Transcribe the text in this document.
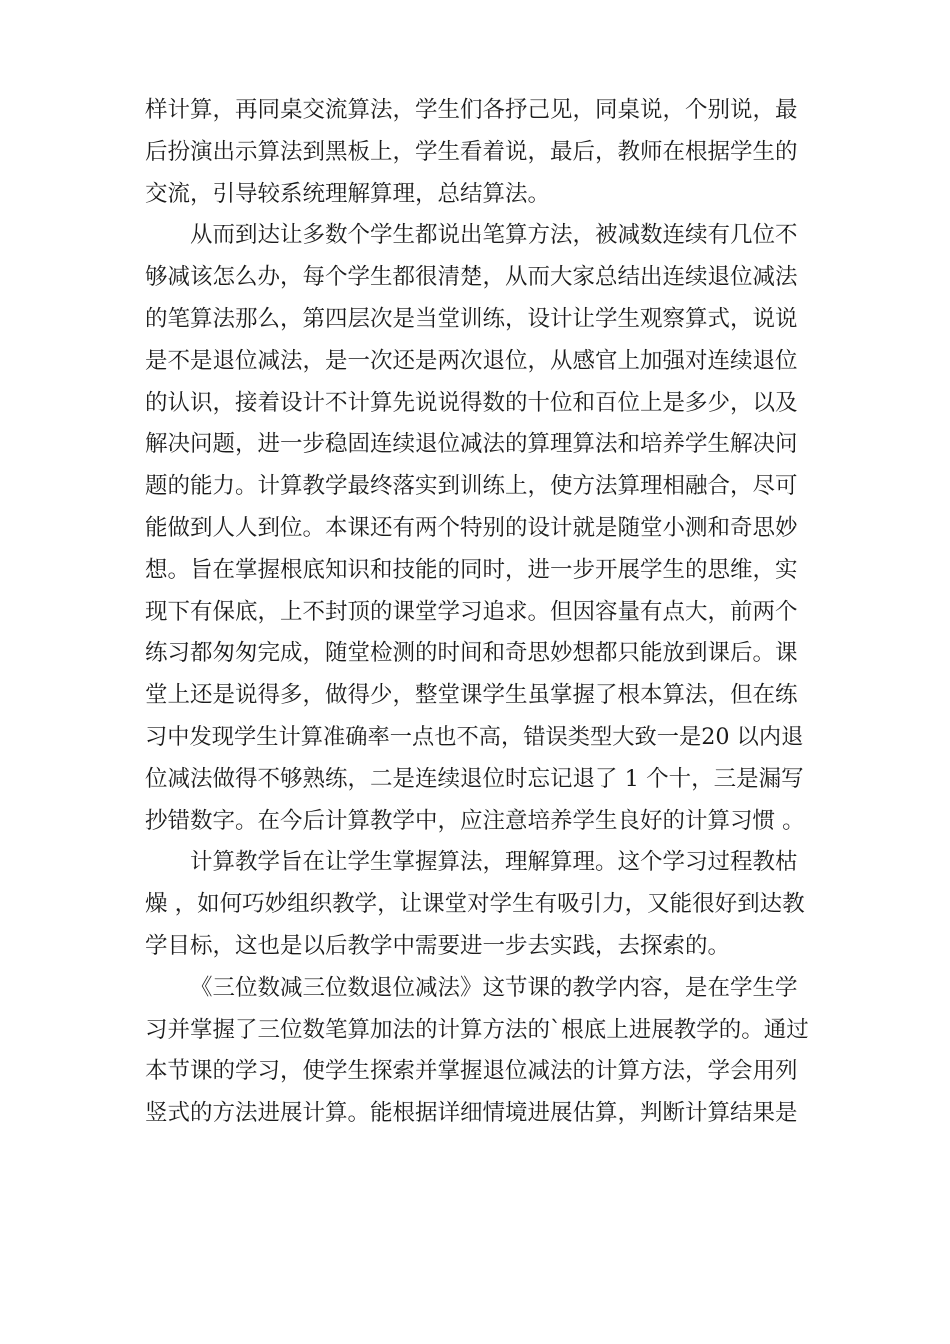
样计算，再同桌交流算法，学生们各抒己见，同桌说，个别说，最
后扮演出示算法到黑板上，学生看着说，最后，教师在根据学生的
交流，引导较系统理解算理，总结算法。
从而到达让多数个学生都说出笔算方法，被减数连续有几位不
够减该怎么办，每个学生都很清楚，从而大家总结出连续退位减法
的笔算法那么，第四层次是当堂训练，设计让学生观察算式，说说
是不是退位减法，是一次还是两次退位，从感官上加强对连续退位
的认识，接着设计不计算先说说得数的十位和百位上是多少，以及
解决问题，进一步稳固连续退位减法的算理算法和培养学生解决问
题的能力。计算教学最终落实到训练上，使方法算理相融合，尽可
能做到人人到位。本课还有两个特别的设计就是随堂小测和奇思妙
想。旨在掌握根底知识和技能的同时，进一步开展学生的思维，实
现下有保底，上不封顶的课堂学习追求。但因容量有点大，前两个
练习都匆匆完成，随堂检测的时间和奇思妙想都只能放到课后。课
堂上还是说得多，做得少，整堂课学生虽掌握了根本算法，但在练
习中发现学生计算准确率一点也不高，错误类型大致一是20 以内退
位减法做得不够熟练，二是连续退位时忘记退了 1 个十，三是漏写
抄错数字。在今后计算教学中，应注意培养学生良好的计算习惯 。
计算教学旨在让学生掌握算法，理解算理。这个学习过程教枯
燥 ，如何巧妙组织教学，让课堂对学生有吸引力，又能很好到达教
学目标，这也是以后教学中需要进一步去实践，去探索的。
《三位数减三位数退位减法》这节课的教学内容，是在学生学
习并掌握了三位数笔算加法的计算方法的`根底上进展教学的。通过
本节课的学习，使学生探索并掌握退位减法的计算方法，学会用列
竖式的方法进展计算。能根据详细情境进展估算，判断计算结果是
